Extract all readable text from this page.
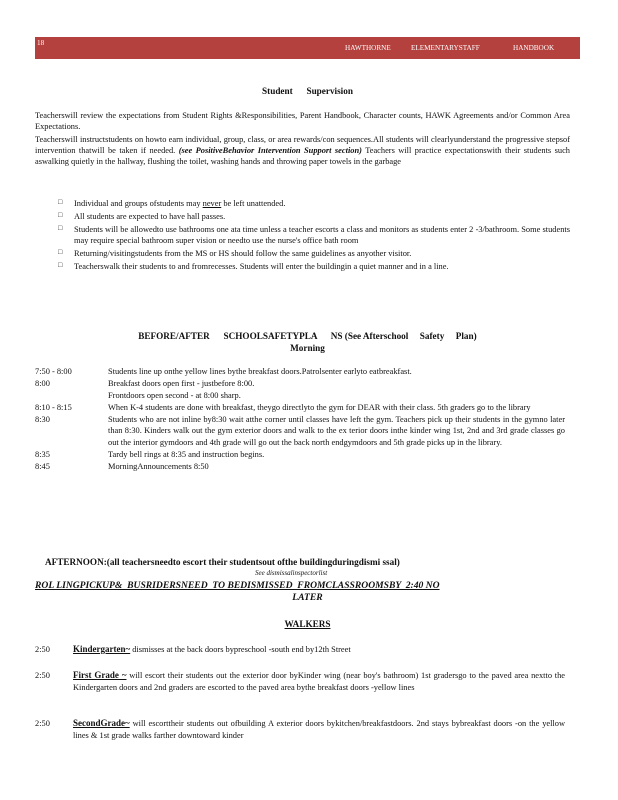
18
HAWTHORNE	ELEMENTARYSTAFF	HANDBOOK
Student      Supervision
Teacherswill review the expectations from Student Rights &Responsibilities, Parent Handbook, Character counts, HAWK Agreements and/or Common Area Expectations.
Teacherswill instructstudents on howto earn individual, group, class, or area rewards/con sequences.All students will clearlyunderstand the progressive stepsof intervention thatwill be taken if needed. (see PositiveBehavior Intervention Support section) Teachers will practice expectationswith their students such aswalking quietly in the hallway, flushing the toilet, washing hands and throwing paper towels in the garbage
□ Individual and groups ofstudents may never be left unattended.
□ All students are expected to have hall passes.
□ Students will be allowedto use bathrooms one ata time unless a teacher escorts a class and monitors as students enter 2 -3/bathroom. Some students may require special bathroom super vision or needto use the nurse's office bath room
□ Returning/visitingstudents from the MS or HS should follow the same guidelines as anyother visitor.
□ Teacherswalk their students to and fromrecesses. Students will enter the buildingin a quiet manner and in a line.
BEFORE/AFTER      SCHOOLSAFETYPLA      NS (See Afterschool     Safety     Plan)
Morning
7:50 - 8:00	Students line up onthe yellow lines bythe breakfast doors.Patrolsenter earlyto eatbreakfast.
8:00	Breakfast doors open first - justbefore 8:00.
Frontdoors open second - at 8:00 sharp.
8:10 - 8:15	When K-4 students are done with breakfast, theygo directlyto the gym for DEAR with their class. 5th graders go to the library
8:30	Students who are not inline by8:30 wait atthe corner until classes have left the gym. Teachers pick up their students in the gymno later than 8:30. Kinders walk out the gym exterior doors and walk to the ex terior doors inthe kinder wing 1st, 2nd and 3rd grade classes go out the interior gymdoors and 4th grade will go out the back north endgymdoors and 5th grade picks up in the library.
8:35	Tardy bell rings at 8:35 and instruction begins.
8:45	MorningAnnouncements 8:50
AFTERNOON:(all teachersneedto escort their studentsout ofthe buildingduringdismi ssal)
See dismissalinspectorlist
ROL LINGPICKUP&  BUSRIDERSNEED  TO BEDISMISSED  FROMCLASSROOMSBY  2:40 NO
LATER
WALKERS
2:50	Kindergarten~ dismisses at the back doors bypreschool -south end by12th Street
2:50	First Grade ~ will escort their students out the exterior door byKinder wing (near boy's bathroom) 1st gradersgo to the paved area nextto the Kindergarten doors and 2nd graders are escorted to the paved area bythe breakfast doors -yellow lines
2:50	SecondGrade~ will escorttheir students out ofbuilding A exterior doors bykitchen/breakfastdoors. 2nd stays bybreakfast doors -on the yellow lines & 1st grade walks farther downtoward kinder
